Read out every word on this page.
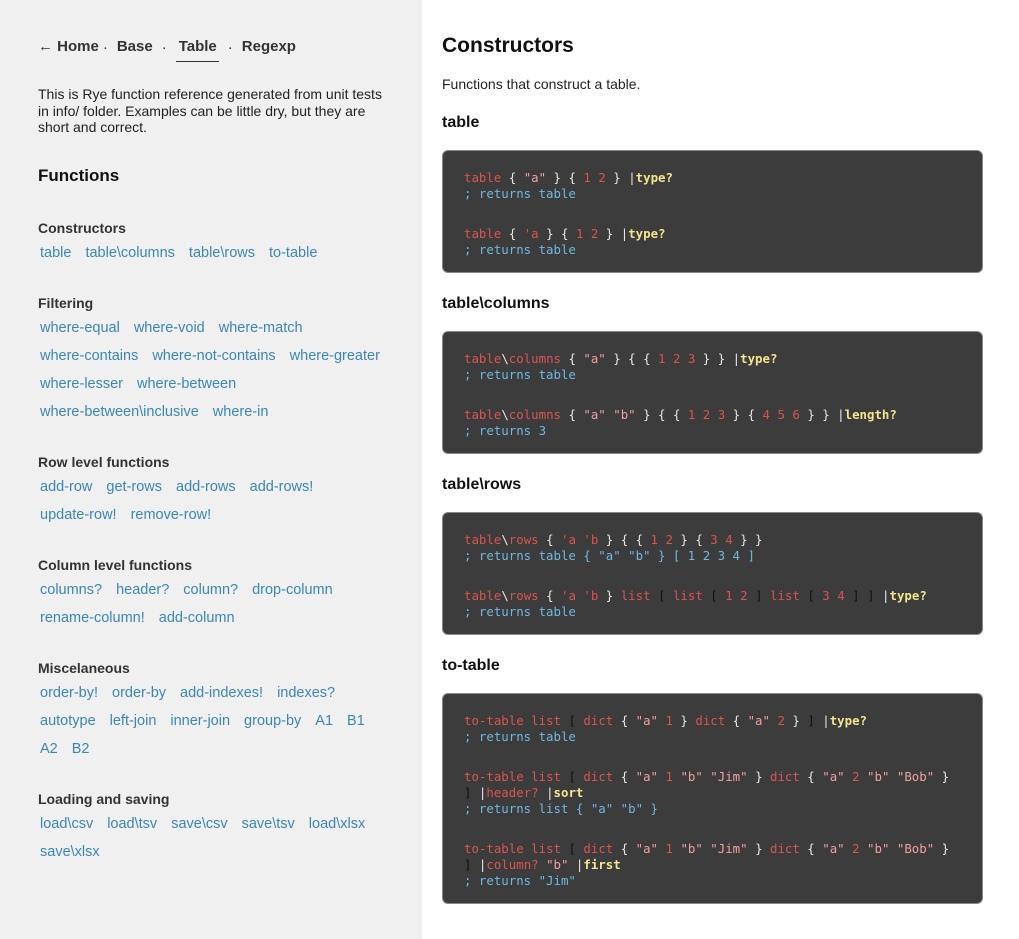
← Home · Base · Table · Regexp

This is Rye function reference generated from unit tests in info/ folder. Examples can be little dry, but they are short and correct.

Functions
Constructors
table table\columns table\rows to-table
Filtering
where-equal where-void where-match
where-contains where-not-contains where-greater
where-lesser where-between
where-between\inclusive where-in
Row level functions
add-row get-rows add-rows add-rows!
update-row! remove-row!
Column level functions
columns? header? column? drop-column
rename-column! add-column
Miscelaneous
order-by! order-by add-indexes! indexes?
autotype left-join inner-join group-by A1 B1
A2 B2
Loading and saving
load\csv load\tsv save\csv save\tsv load\xlsx
save\xlsx
Constructors
Functions that construct a table.
table
table { "a" } { 1 2 } |type?
; returns table
table { 'a } { 1 2 } |type?
; returns table
table\columns
table\columns { "a" } { { 1 2 3 } } |type?
; returns table
table\columns { "a" "b" } { { 1 2 3 } { 4 5 6 } } |length?
; returns 3
table\rows
table\rows { 'a 'b } { { 1 2 } { 3 4 } }
; returns table { "a" "b" } [ 1 2 3 4 ]
table\rows { 'a 'b } list [ list [ 1 2 ] list [ 3 4 ] ] |type?
; returns table
to-table
to-table list [ dict { "a" 1 } dict { "a" 2 } ] |type?
; returns table
to-table list [ dict { "a" 1 "b" "Jim" } dict { "a" 2 "b" "Bob" }
] |header? |sort
; returns list { "a" "b" }
to-table list [ dict { "a" 1 "b" "Jim" } dict { "a" 2 "b" "Bob" }
] |column? "b" |first
; returns "Jim"
